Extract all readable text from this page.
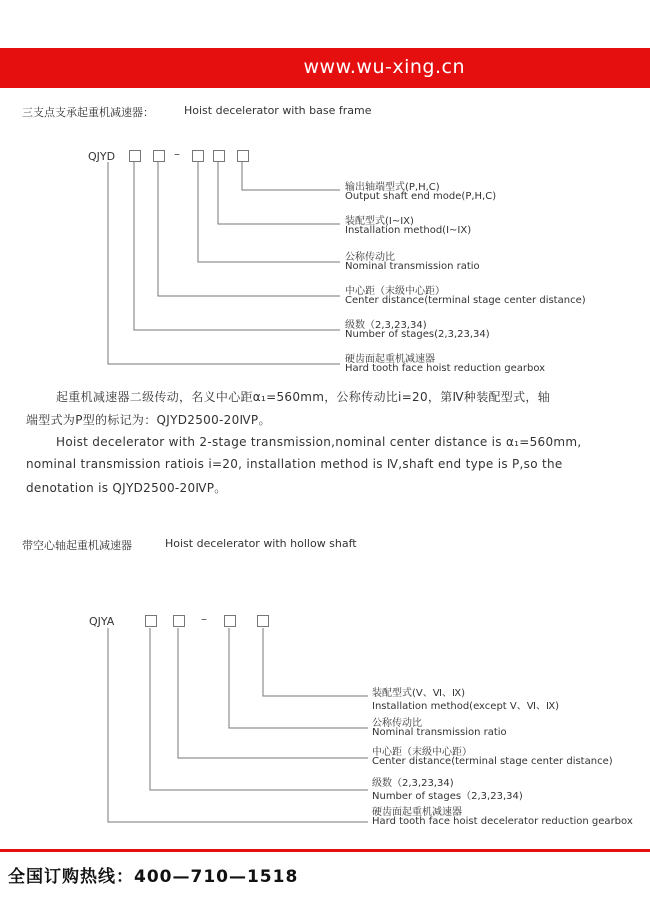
www.wu-xing.cn
三支点支承起重机减速器：	Hoist decelerator with base frame
QJYD	–
输出轴端型式(P,H,C)
Output shaft end mode(P,H,C)
装配型式(I~IX)
Installation method(I~IX)
公称传动比
Nominal transmission ratio
中心距（末级中心距）
Center distance(terminal stage center distance)
级数（2,3,23,34)
Number of stages(2,3,23,34)
硬齿面起重机减速器
Hard tooth face hoist reduction gearbox
起重机减速器二级传动，名义中心距α₁=560mm，公称传动比i=20，第Ⅳ种装配型式，轴
端型式为P型的标记为：QJYD2500-20ⅣP。
Hoist decelerator with 2-stage transmission,nominal center distance is α₁=560mm,
nominal transmission ratiois i=20, installation method is Ⅳ,shaft end type is P,so the
denotation is QJYD2500-20ⅣP。
带空心轴起重机减速器	Hoist decelerator with hollow shaft
QJYA	–
装配型式(Ⅴ、Ⅵ、Ⅸ)
Installation method(except Ⅴ、Ⅵ、Ⅸ)
公称传动比
Nominal transmission ratio
中心距（末级中心距）
Center distance(terminal stage center distance)
级数（2,3,23,34)
Number of stages（2,3,23,34)
硬齿面起重机减速器
Hard tooth face hoist decelerator reduction gearbox
全国订购热线：400—710—1518
